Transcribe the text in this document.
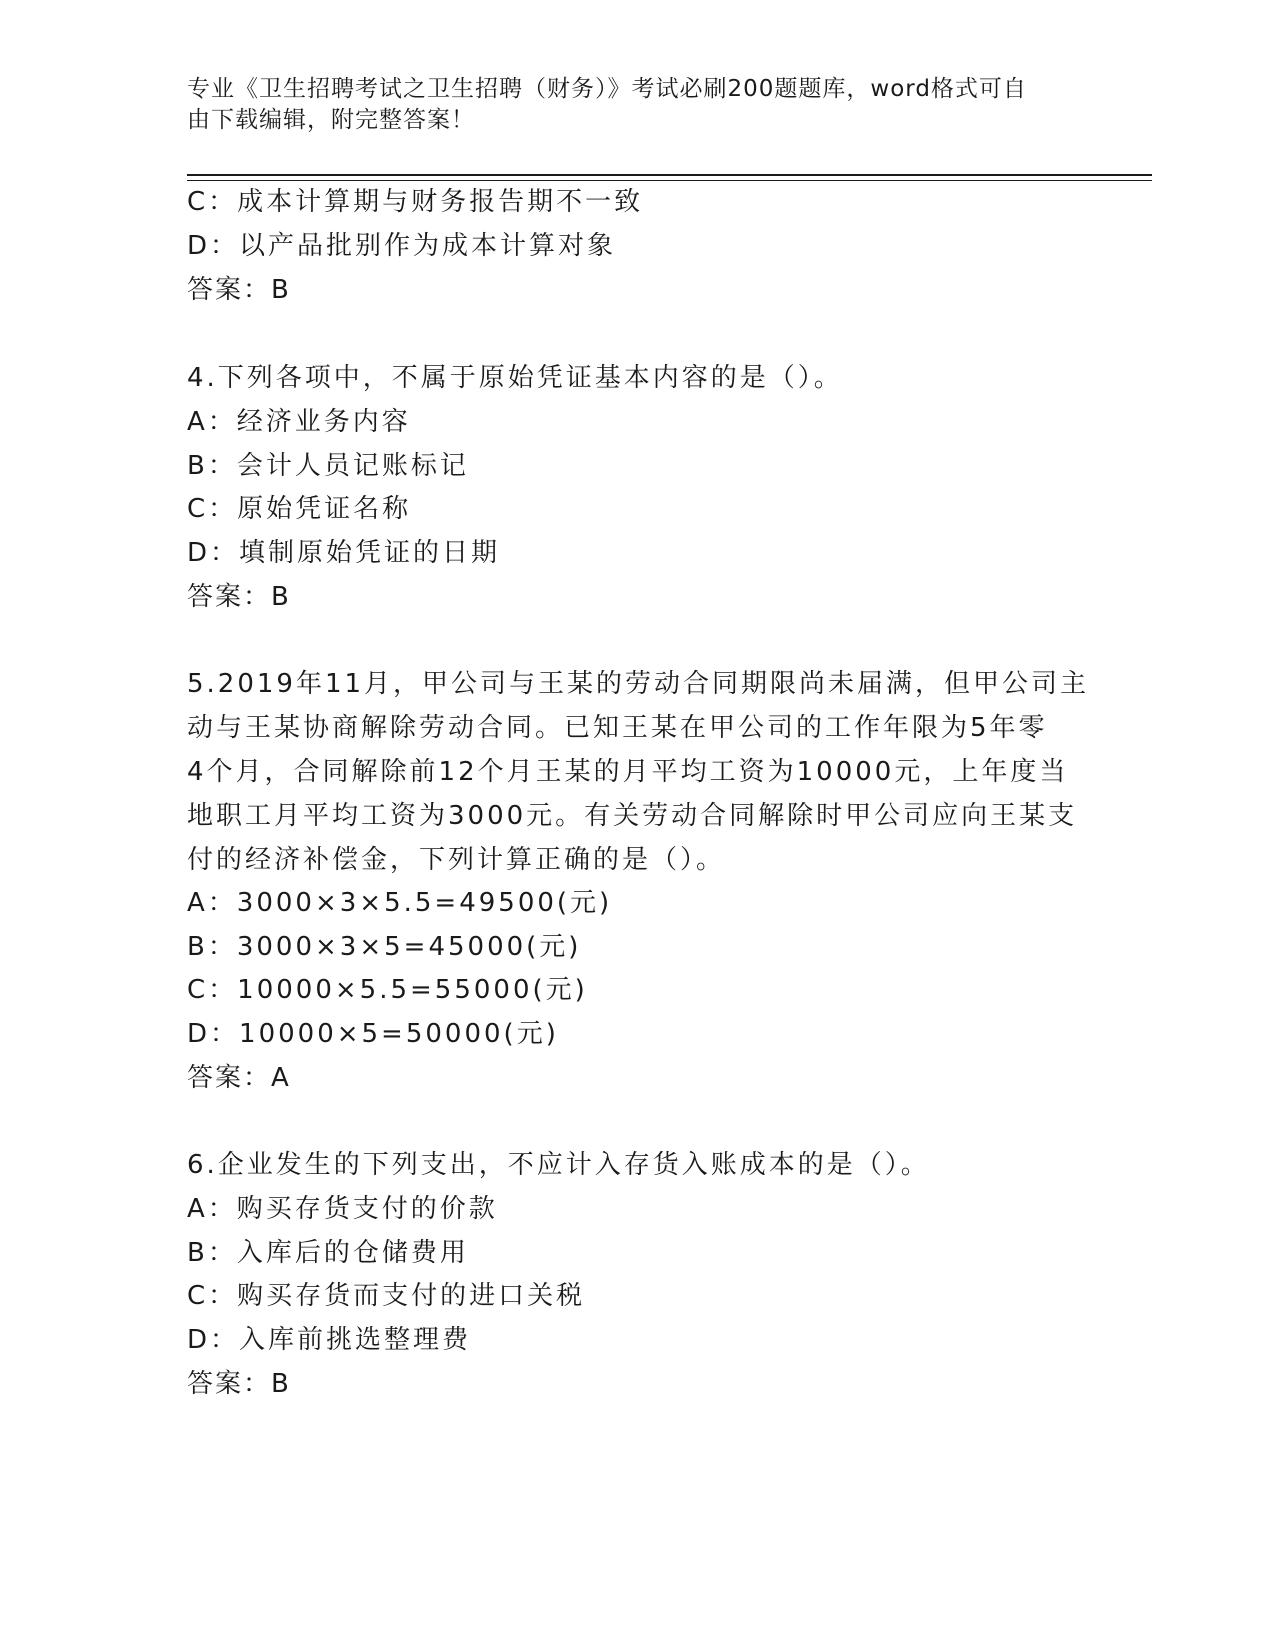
专业《卫生招聘考试之卫生招聘（财务）》考试必刷200题题库，word格式可自
由下载编辑，附完整答案！
C：成本计算期与财务报告期不一致
D：以产品批别作为成本计算对象
答案：B
4.下列各项中，不属于原始凭证基本内容的是（）。
A：经济业务内容
B：会计人员记账标记
C：原始凭证名称
D：填制原始凭证的日期
答案：B
5.2019年11月，甲公司与王某的劳动合同期限尚未届满，但甲公司主
动与王某协商解除劳动合同。已知王某在甲公司的工作年限为5年零
4个月，合同解除前12个月王某的月平均工资为10000元，上年度当
地职工月平均工资为3000元。有关劳动合同解除时甲公司应向王某支
付的经济补偿金，下列计算正确的是（）。
A：3000×3×5.5=49500(元)
B：3000×3×5=45000(元)
C：10000×5.5=55000(元)
D：10000×5=50000(元)
答案：A
6.企业发生的下列支出，不应计入存货入账成本的是（）。
A：购买存货支付的价款
B：入库后的仓储费用
C：购买存货而支付的进口关税
D：入库前挑选整理费
答案：B
